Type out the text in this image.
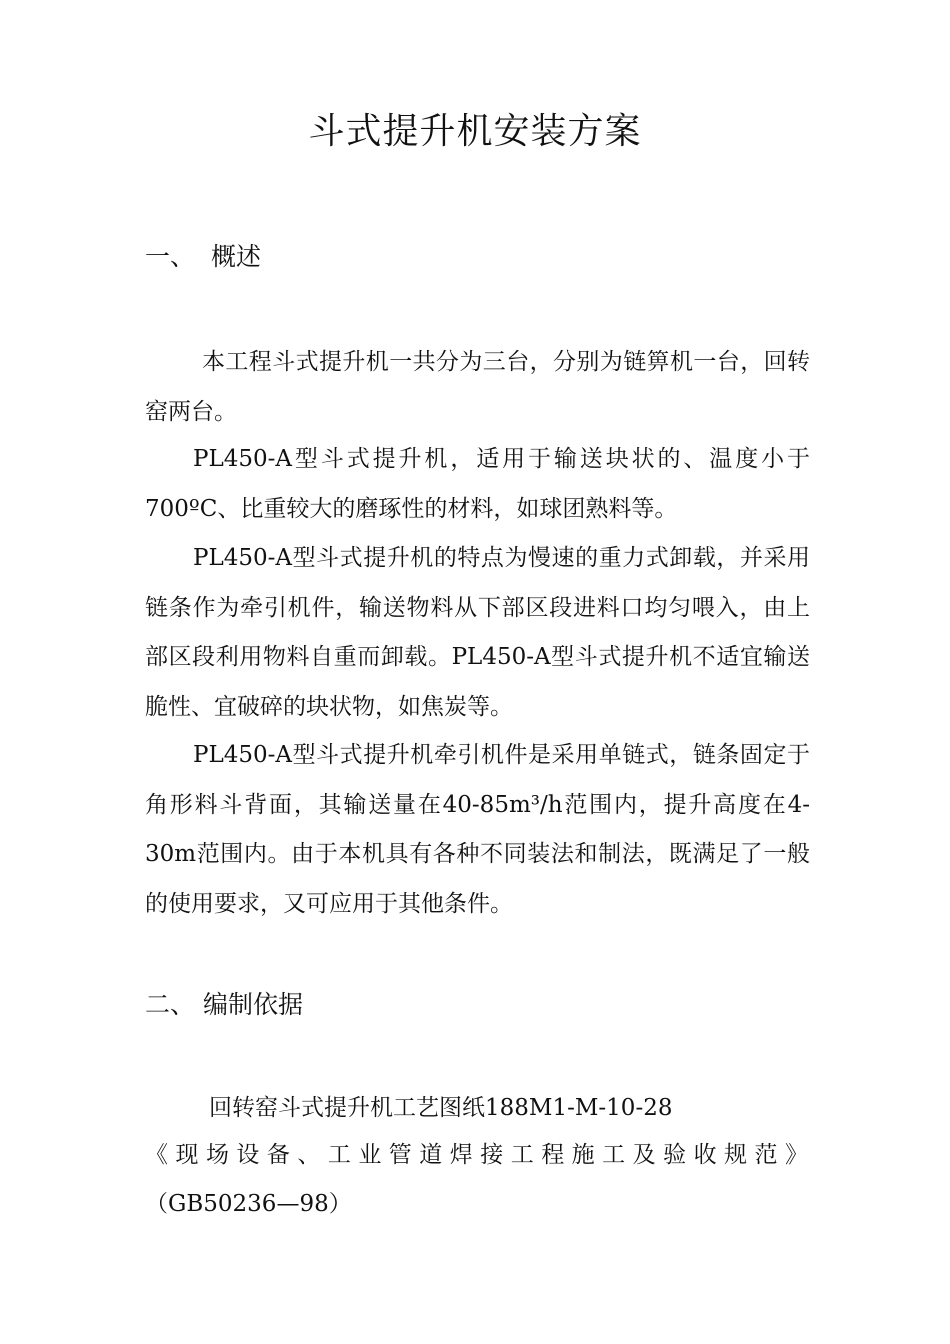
斗式提升机安装方案
一、 概述

本工程斗式提升机一共分为三台，分别为链箅机一台，回转窑两台。

PL450-A型斗式提升机，适用于输送块状的、温度小于700ºC、比重较大的磨琢性的材料，如球团熟料等。

PL450-A型斗式提升机的特点为慢速的重力式卸载，并采用链条作为牵引机件，输送物料从下部区段进料口均匀喂入，由上部区段利用物料自重而卸载。PL450-A型斗式提升机不适宜输送脆性、宜破碎的块状物，如焦炭等。

PL450-A型斗式提升机牵引机件是采用单链式，链条固定于角形料斗背面，其输送量在40-85m³/h范围内，提升高度在4-30m范围内。由于本机具有各种不同装法和制法，既满足了一般的使用要求，又可应用于其他条件。

二、 编制依据

回转窑斗式提升机工艺图纸188M1-M-10-28

《现场设备、工业管道焊接工程施工及验收规范》

（GB50236—98）
